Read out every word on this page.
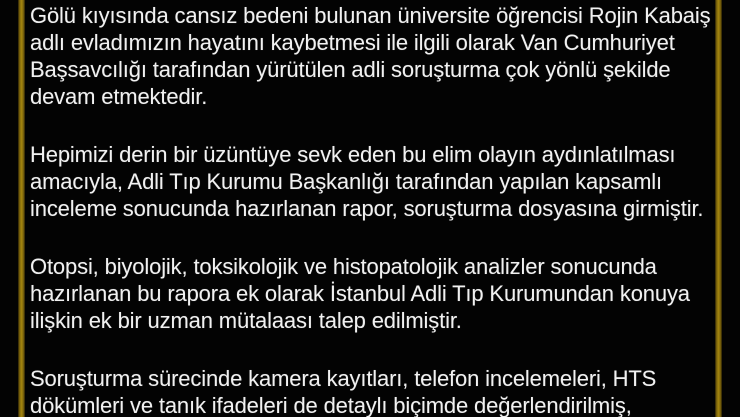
Gölü kıyısında cansız bedeni bulunan üniversite öğrencisi Rojin Kabaiş
adlı evladımızın hayatını kaybetmesi ile ilgili olarak Van Cumhuriyet
Başsavcılığı tarafından yürütülen adli soruşturma çok yönlü şekilde
devam etmektedir.
Hepimizi derin bir üzüntüye sevk eden bu elim olayın aydınlatılması
amacıyla, Adli Tıp Kurumu Başkanlığı tarafından yapılan kapsamlı
inceleme sonucunda hazırlanan rapor, soruşturma dosyasına girmiştir.
Otopsi, biyolojik, toksikolojik ve histopatolojik analizler sonucunda
hazırlanan bu rapora ek olarak İstanbul Adli Tıp Kurumundan konuya
ilişkin ek bir uzman mütalaası talep edilmiştir.
Soruşturma sürecinde kamera kayıtları, telefon incelemeleri, HTS
dökümleri ve tanık ifadeleri de detaylı biçimde değerlendirilmiş,
